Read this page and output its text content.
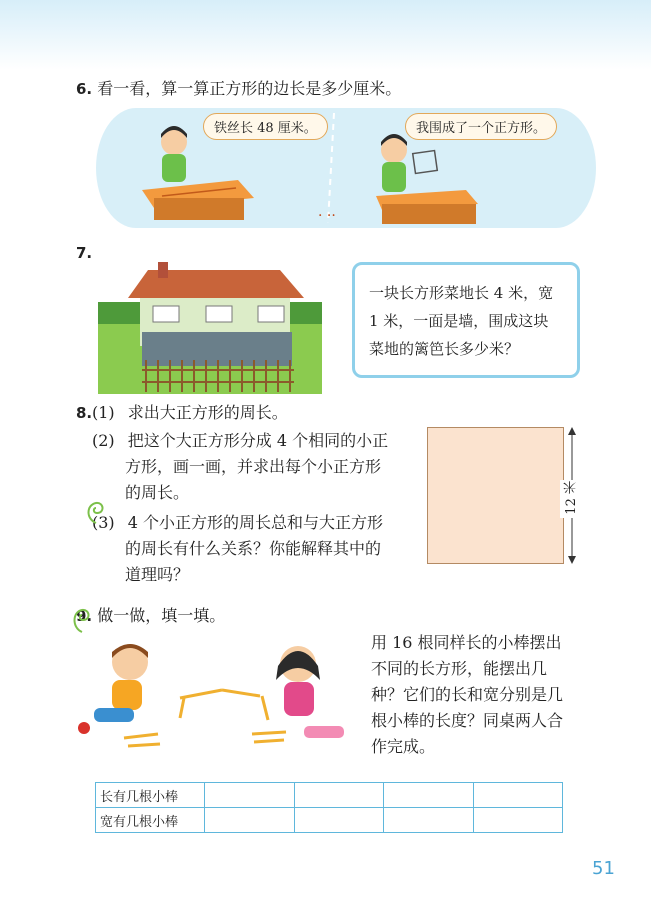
6. 看一看，算一算正方形的边长是多少厘米。
铁丝长 48 厘米。	我围成了一个正方形。
· ··
7.
一块长方形菜地长 4 米，宽
1 米，一面是墙，围成这块
菜地的篱笆长多少米？
8. (1) 求出大正方形的周长。
(2) 把这个大正方形分成 4 个相同的小正
方形，画一画，并求出每个小正方形
的周长。
(3) 4 个小正方形的周长总和与大正方形
的周长有什么关系？你能解释其中的
道理吗？
12 米
9. 做一做，填一填。
用 16 根同样长的小棒摆出
不同的长方形，能摆出几
种？它们的长和宽分别是几
根小棒的长度？同桌两人合
作完成。
长有几根小棒				
宽有几根小棒				
51
